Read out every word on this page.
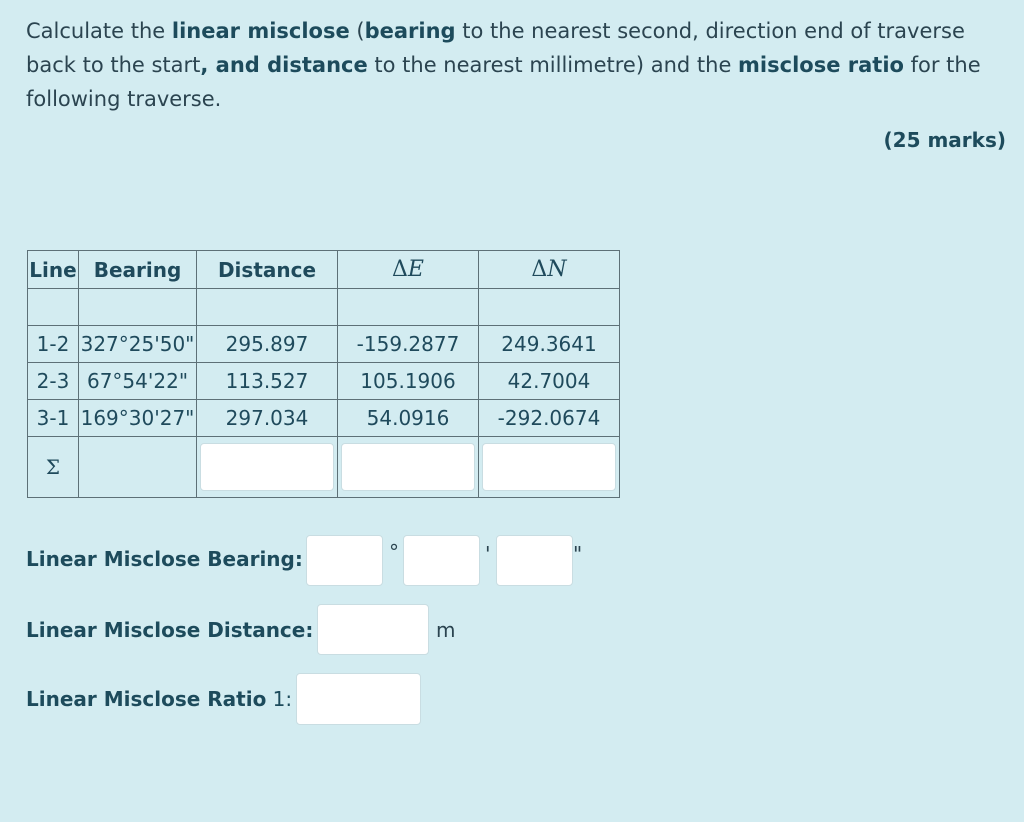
Calculate the linear misclose (bearing to the nearest second, direction end of traverse back to the start, and distance to the nearest millimetre) and the misclose ratio for the following traverse.
(25 marks)
Line	Bearing	Distance	ΔE	ΔN

1-2	327°25'50"	295.897	-159.2877	249.3641
2-3	67°54'22"	113.527	105.1906	42.7004
3-1	169°30'27"	297.034	54.0916	-292.0674
Σ		

Linear Misclose Bearing:	°	'	"
Linear Misclose Distance:	m
Linear Misclose Ratio 1:
